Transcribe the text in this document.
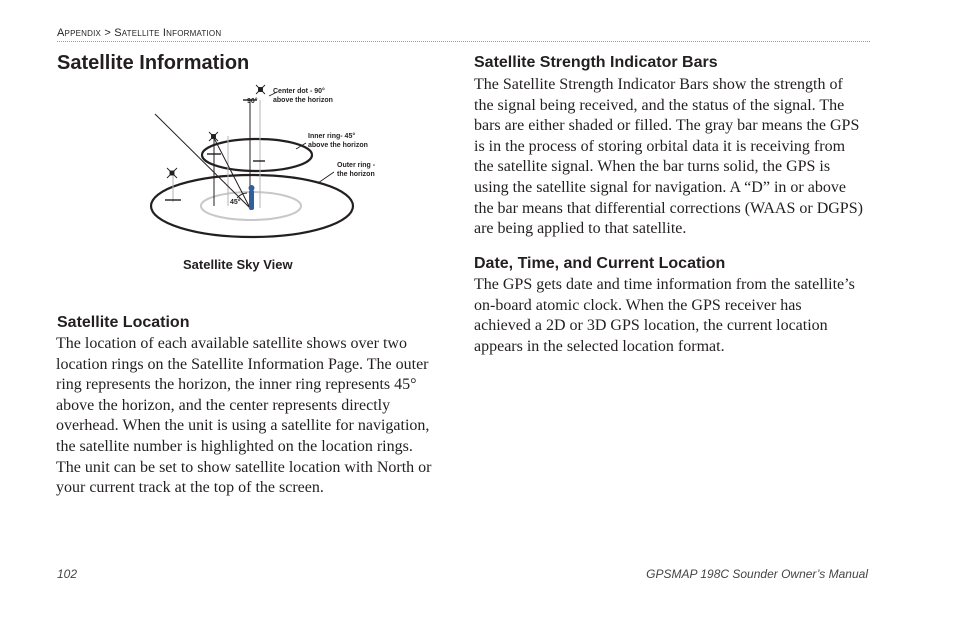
Appendix > Satellite Information
Satellite Information
Center dot - 90°
above the horizon
90°
Inner ring- 45°
above the horizon
Outer ring -
the horizon
45°
Satellite Sky View
Satellite Location

The location of each available satellite shows over two location rings on the Satellite Information Page. The outer ring represents the horizon, the inner ring represents 45° above the horizon, and the center represents directly overhead. When the unit is using a satellite for navigation, the satellite number is highlighted on the location rings. The unit can be set to show satellite location with North or your current track at the top of the screen.

Satellite Strength Indicator Bars

The Satellite Strength Indicator Bars show the strength of the signal being received, and the status of the signal. The bars are either shaded or filled. The gray bar means the GPS is in the process of storing orbital data it is receiving from the satellite signal. When the bar turns solid, the GPS is using the satellite signal for navigation. A “D” in or above the bar means that differential corrections (WAAS or DGPS) are being applied to that satellite.

Date, Time, and Current Location

The GPS gets date and time information from the satellite’s on-board atomic clock. When the GPS receiver has achieved a 2D or 3D GPS location, the current location appears in the selected location format.

102	GPSMAP 198C Sounder Owner’s Manual
